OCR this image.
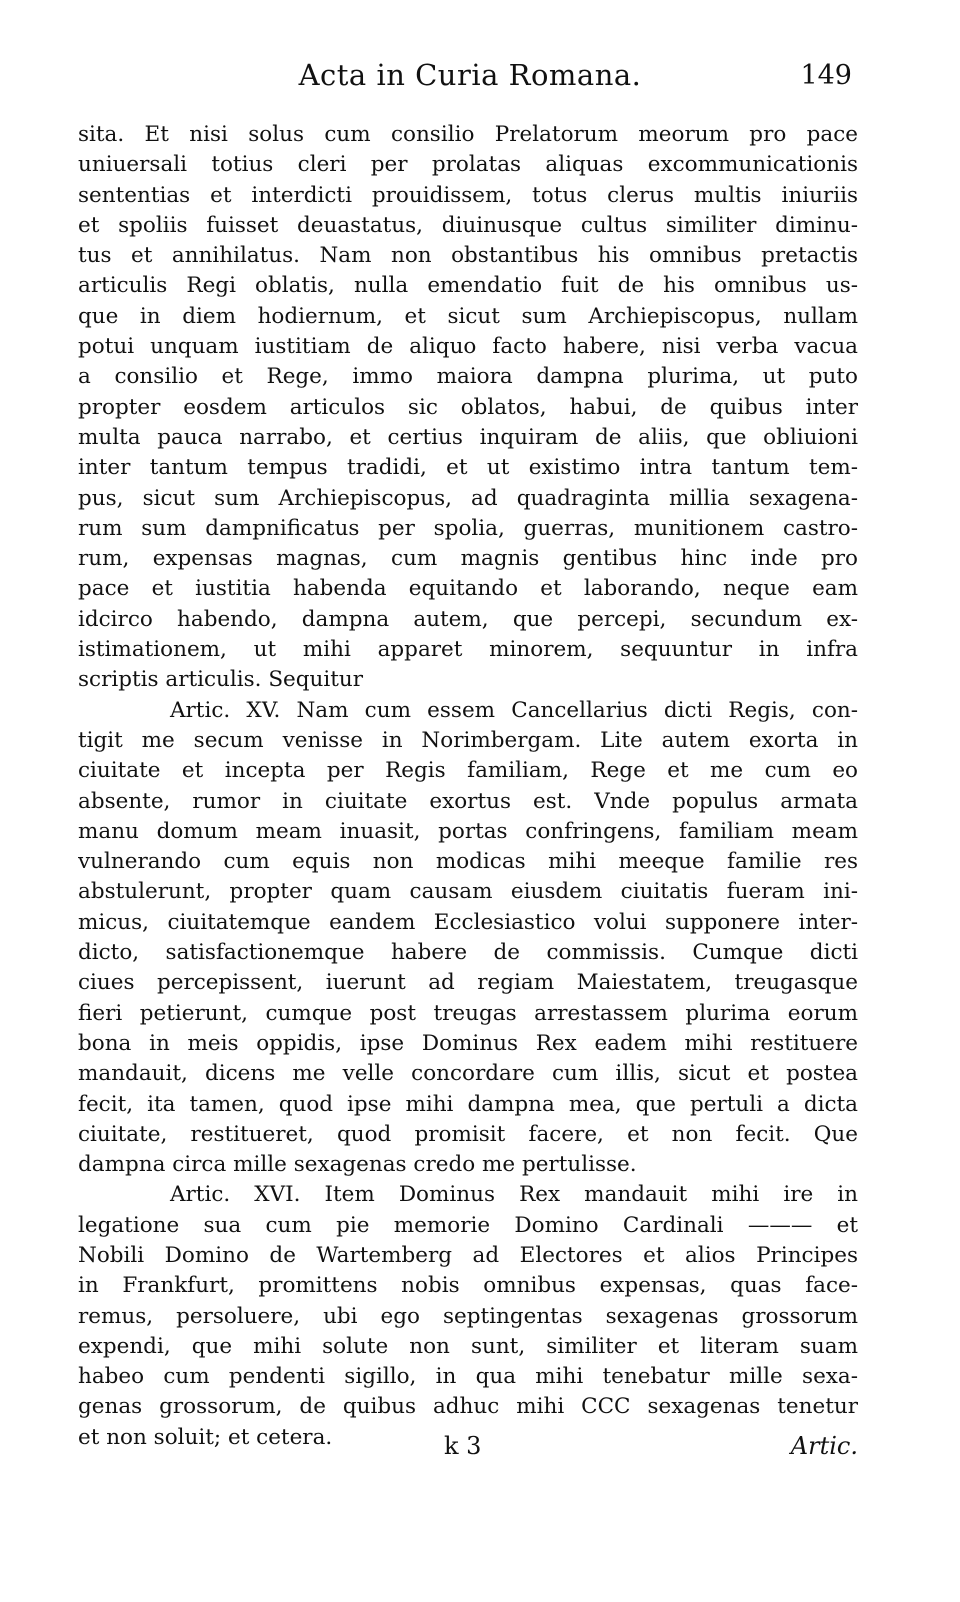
Acta in Curia Romana.	149
sita. Et nisi solus cum consilio Prelatorum meorum pro pace
uniuersali totius cleri per prolatas aliquas excommunicationis
sententias et interdicti prouidissem, totus clerus multis iniuriis
et spoliis fuisset deuastatus, diuinusque cultus similiter diminu-
tus et annihilatus. Nam non obstantibus his omnibus pretactis
articulis Regi oblatis, nulla emendatio fuit de his omnibus us-
que in diem hodiernum, et sicut sum Archiepiscopus, nullam
potui unquam iustitiam de aliquo facto habere, nisi verba vacua
a consilio et Rege, immo maiora dampna plurima, ut puto
propter eosdem articulos sic oblatos, habui, de quibus inter
multa pauca narrabo, et certius inquiram de aliis, que obliuioni
inter tantum tempus tradidi, et ut existimo intra tantum tem-
pus, sicut sum Archiepiscopus, ad quadraginta millia sexagena-
rum sum dampnificatus per spolia, guerras, munitionem castro-
rum, expensas magnas, cum magnis gentibus hinc inde pro
pace et iustitia habenda equitando et laborando, neque eam
idcirco habendo, dampna autem, que percepi, secundum ex-
istimationem, ut mihi apparet minorem, sequuntur in infra
scriptis articulis. Sequitur
Artic. XV. Nam cum essem Cancellarius dicti Regis, con-
tigit me secum venisse in Norimbergam. Lite autem exorta in
ciuitate et incepta per Regis familiam, Rege et me cum eo
absente, rumor in ciuitate exortus est. Vnde populus armata
manu domum meam inuasit, portas confringens, familiam meam
vulnerando cum equis non modicas mihi meeque familie res
abstulerunt, propter quam causam eiusdem ciuitatis fueram ini-
micus, ciuitatemque eandem Ecclesiastico volui supponere inter-
dicto, satisfactionemque habere de commissis. Cumque dicti
ciues percepissent, iuerunt ad regiam Maiestatem, treugasque
fieri petierunt, cumque post treugas arrestassem plurima eorum
bona in meis oppidis, ipse Dominus Rex eadem mihi restituere
mandauit, dicens me velle concordare cum illis, sicut et postea
fecit, ita tamen, quod ipse mihi dampna mea, que pertuli a dicta
ciuitate, restitueret, quod promisit facere, et non fecit. Que
dampna circa mille sexagenas credo me pertulisse.
Artic. XVI. Item Dominus Rex mandauit mihi ire in
legatione sua cum pie memorie Domino Cardinali ——— et
Nobili Domino de Wartemberg ad Electores et alios Principes
in Frankfurt, promittens nobis omnibus expensas, quas face-
remus, persoluere, ubi ego septingentas sexagenas grossorum
expendi, que mihi solute non sunt, similiter et literam suam
habeo cum pendenti sigillo, in qua mihi tenebatur mille sexa-
genas grossorum, de quibus adhuc mihi CCC sexagenas tenetur
et non soluit; et cetera.	k 3	Artic.
